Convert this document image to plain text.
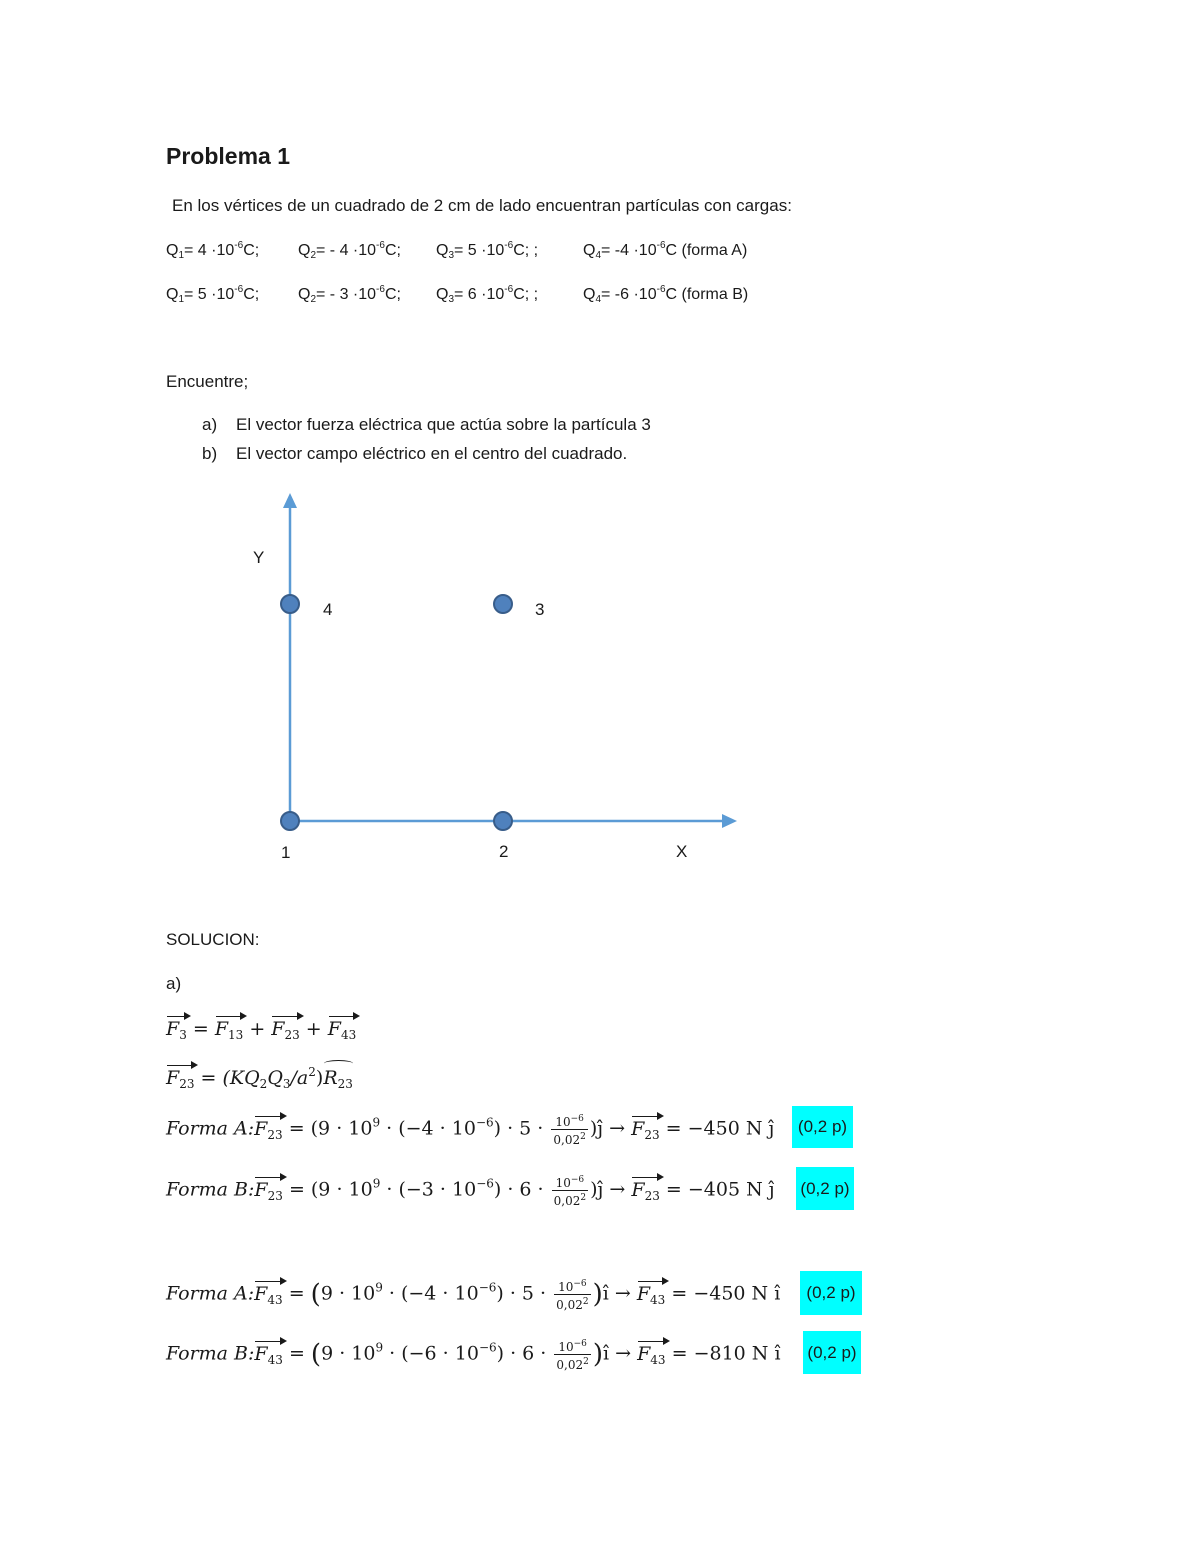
Problema 1
En los vértices de un cuadrado de 2 cm de lado encuentran partículas con cargas:
$Q_1= 4 \cdot 10^{-6}C$; $Q_2= - 4 \cdot 10^{-6}C$; $Q_3= 5 \cdot 10^{-6}C$; ;	$Q_4= -4 \cdot 10^{-6}C$ (forma A)
$Q_1= 5 \cdot 10^{-6}C$; $Q_2= - 3 \cdot 10^{-6}C$; $Q_3= 6 \cdot 10^{-6}C$; ;	$Q_4= -6 \cdot 10^{-6}C$ (forma B)
Encuentre;
a) El vector fuerza eléctrica que actúa sobre la partícula 3
b) El vector campo eléctrico en el centro del cuadrado.
Y
X
4	3
1	2
SOLUCION:
a)
$F_3 = F_{13} + F_{23} + F_{43}$
$F_{23} = (KQ_2Q_3/a^2)R_{23}$
Forma $A:F_{23} = (9 \cdot 10^9 \cdot (-4 \cdot 10^{-6}) \cdot 5 \cdot \frac{10^{-6}}{0,02^2}$ )ĵ → $F_{23} = -450$ N ĵ	(0,2 p)
Forma $B:F_{23} = (9 \cdot 10^9 \cdot (-3 \cdot 10^{-6}) \cdot 6 \cdot \frac{10^{-6}}{0,02^2}$ )ĵ → $F_{23} = -405$ N ĵ (0,2 p)
Forma $A:F_{43} = (9 \cdot 10^9 \cdot (-4 \cdot 10^{-6}) \cdot 5 \cdot \frac{10^{-6}}{0,02^2}$ )ı̂ → $F_{43} = -450$ N ı̂	(0,2 p)
Forma $B:F_{43} = (9 \cdot 10^9 \cdot (-6 \cdot 10^{-6}) \cdot 6 \cdot \frac{10^{-6}}{0,02^2}$ )ı̂ → $F_{43} = -810$ N ı̂ (0,2 p)
